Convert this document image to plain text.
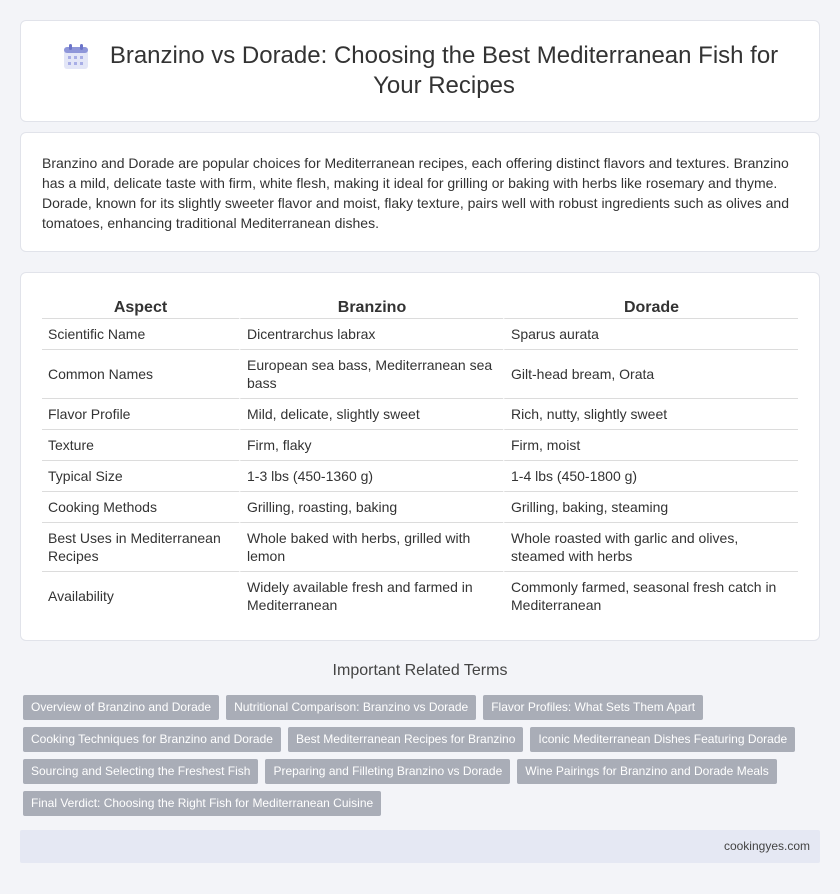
Branzino vs Dorade: Choosing the Best Mediterranean Fish for Your Recipes

Branzino and Dorade are popular choices for Mediterranean recipes, each offering distinct flavors and textures. Branzino has a mild, delicate taste with firm, white flesh, making it ideal for grilling or baking with herbs like rosemary and thyme. Dorade, known for its slightly sweeter flavor and moist, flaky texture, pairs well with robust ingredients such as olives and tomatoes, enhancing traditional Mediterranean dishes.

Aspect	Branzino	Dorade
Scientific Name	Dicentrarchus labrax	Sparus aurata
Common Names	European sea bass, Mediterranean sea bass	Gilt-head bream, Orata
Flavor Profile	Mild, delicate, slightly sweet	Rich, nutty, slightly sweet
Texture	Firm, flaky	Firm, moist
Typical Size	1-3 lbs (450-1360 g)	1-4 lbs (450-1800 g)
Cooking Methods	Grilling, roasting, baking	Grilling, baking, steaming
Best Uses in Mediterranean Recipes	Whole baked with herbs, grilled with lemon	Whole roasted with garlic and olives, steamed with herbs
Availability	Widely available fresh and farmed in Mediterranean	Commonly farmed, seasonal fresh catch in Mediterranean
Important Related Terms
Overview of Branzino and Dorade	Nutritional Comparison: Branzino vs Dorade	Flavor Profiles: What Sets Them Apart
Cooking Techniques for Branzino and Dorade	Best Mediterranean Recipes for Branzino	Iconic Mediterranean Dishes Featuring Dorade
Sourcing and Selecting the Freshest Fish	Preparing and Filleting Branzino vs Dorade	Wine Pairings for Branzino and Dorade Meals
Final Verdict: Choosing the Right Fish for Mediterranean Cuisine
cookingyes.com
